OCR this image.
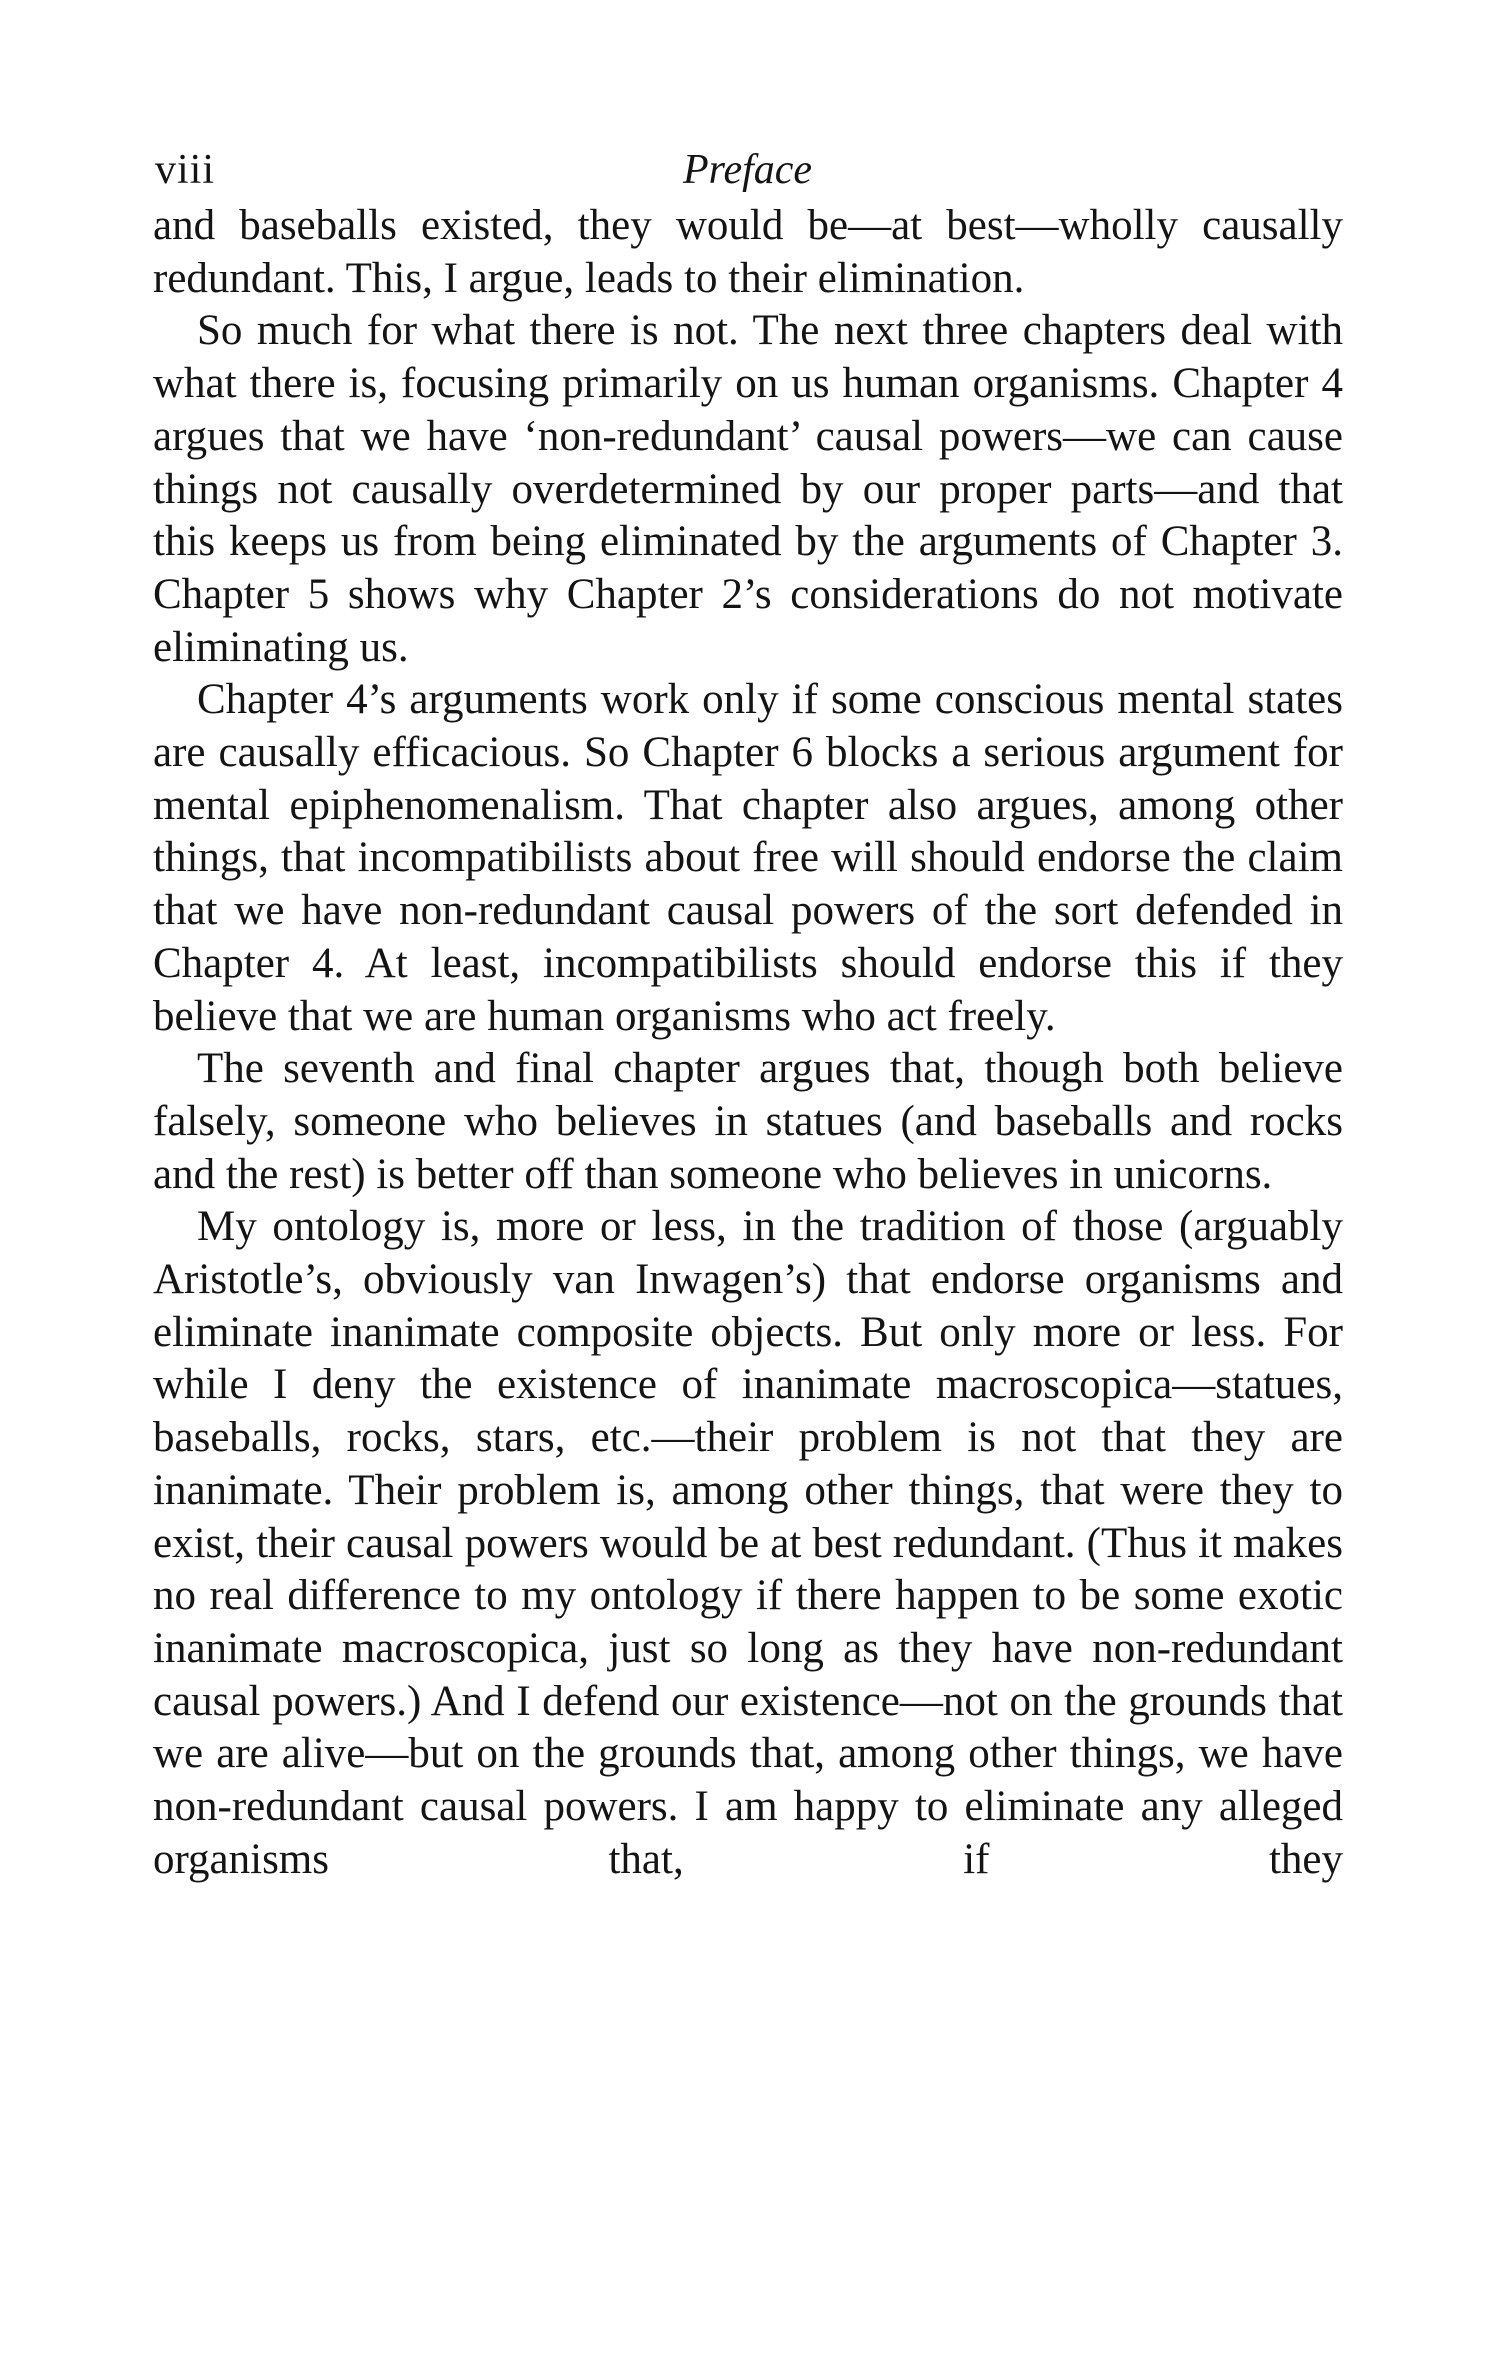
viii	Preface

and baseballs existed, they would be—at best—wholly causally redundant. This, I argue, leads to their elimination.

So much for what there is not. The next three chapters deal with what there is, focusing primarily on us human organisms. Chapter 4 argues that we have ‘non-redundant’ causal powers—we can cause things not causally overdetermined by our proper parts—and that this keeps us from being eliminated by the arguments of Chapter 3. Chapter 5 shows why Chapter 2’s considerations do not motivate eliminating us.

Chapter 4’s arguments work only if some conscious mental states are causally efficacious. So Chapter 6 blocks a serious argument for mental epiphenomenalism. That chapter also argues, among other things, that incompatibilists about free will should endorse the claim that we have non-redundant causal powers of the sort defended in Chapter 4. At least, incompatibilists should endorse this if they believe that we are human organisms who act freely.

The seventh and final chapter argues that, though both believe falsely, someone who believes in statues (and baseballs and rocks and the rest) is better off than someone who believes in unicorns.

My ontology is, more or less, in the tradition of those (arguably Aristotle’s, obviously van Inwagen’s) that endorse organisms and eliminate inanimate composite objects. But only more or less. For while I deny the existence of inanimate macroscopica—statues, baseballs, rocks, stars, etc.—their problem is not that they are inanimate. Their problem is, among other things, that were they to exist, their causal powers would be at best redundant. (Thus it makes no real difference to my ontology if there happen to be some exotic inanimate macroscopica, just so long as they have non-redundant causal powers.) And I defend our existence—not on the grounds that we are alive—but on the grounds that, among other things, we have non-redundant causal powers. I am happy to eliminate any alleged organisms that, if they
